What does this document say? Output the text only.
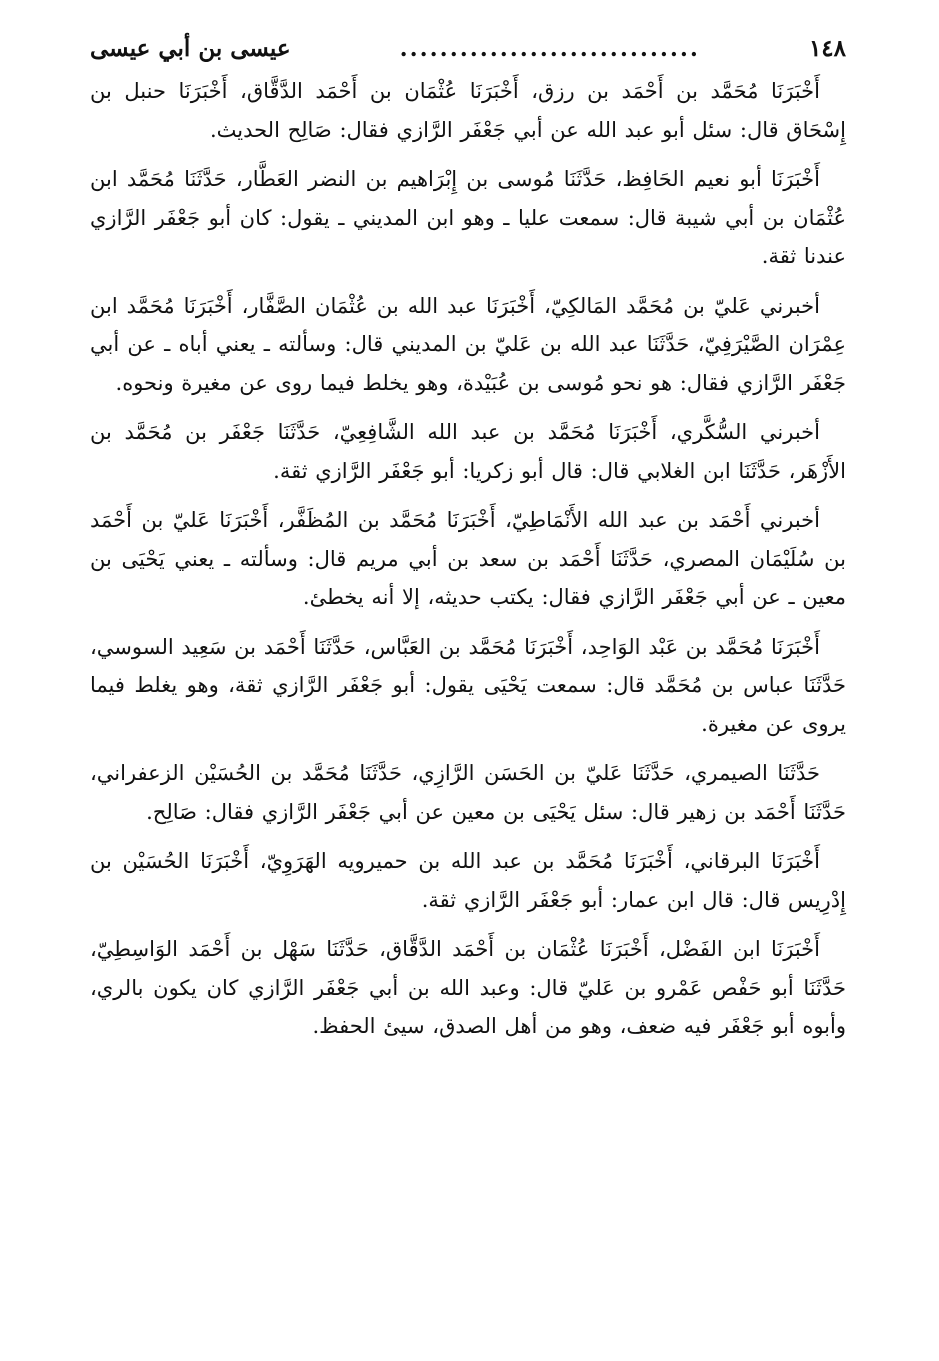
١٤٨
..............................
عيسى بن أبي عيسى

أَخْبَرَنَا مُحَمَّد بن أَحْمَد بن رزق، أَخْبَرَنَا عُثْمَان بن أَحْمَد الدَّقَّاق، أَخْبَرَنَا حنبل بن إِسْحَاق قال: سئل أبو عبد الله عن أبي جَعْفَر الرَّازي فقال: صَالِح الحديث.

أَخْبَرَنَا أبو نعيم الحَافِظ، حَدَّثَنَا مُوسى بن إِبْرَاهيم بن النضر العَطَّار، حَدَّثَنَا مُحَمَّد ابن عُثْمَان بن أبي شيبة قال: سمعت عليا ـ وهو ابن المديني ـ يقول: كان أبو جَعْفَر الرَّازي عندنا ثقة.

أخبرني عَليّ بن مُحَمَّد المَالكِيّ، أَخْبَرَنَا عبد الله بن عُثْمَان الصَّفَّار، أَخْبَرَنَا مُحَمَّد ابن عِمْرَان الصَّيْرَفِيّ، حَدَّثَنَا عبد الله بن عَليّ بن المديني قال: وسألته ـ يعني أباه ـ عن أبي جَعْفَر الرَّازي فقال: هو نحو مُوسى بن عُبَيْدة، وهو يخلط فيما روى عن مغيرة ونحوه.

أخبرني السُّكَّري، أَخْبَرَنَا مُحَمَّد بن عبد الله الشَّافِعِيّ، حَدَّثَنَا جَعْفَر بن مُحَمَّد بن الأَزْهَر، حَدَّثَنَا ابن الغلابي قال: قال أبو زكريا: أبو جَعْفَر الرَّازي ثقة.

أخبرني أَحْمَد بن عبد الله الأَنْمَاطِيّ، أَخْبَرَنَا مُحَمَّد بن المُظَفَّر، أَخْبَرَنَا عَليّ بن أَحْمَد بن سُلَيْمَان المصري، حَدَّثَنَا أَحْمَد بن سعد بن أبي مريم قال: وسألته ـ يعني يَحْيَى بن معين ـ عن أبي جَعْفَر الرَّازي فقال: يكتب حديثه، إلا أنه يخطئ.

أَخْبَرَنَا مُحَمَّد بن عَبْد الوَاحِد، أَخْبَرَنَا مُحَمَّد بن العَبَّاس، حَدَّثَنَا أَحْمَد بن سَعِيد السوسي، حَدَّثَنَا عباس بن مُحَمَّد قال: سمعت يَحْيَى يقول: أبو جَعْفَر الرَّازي ثقة، وهو يغلط فيما يروى عن مغيرة.

حَدَّثَنَا الصيمري، حَدَّثَنَا عَليّ بن الحَسَن الرَّازِي، حَدَّثَنَا مُحَمَّد بن الحُسَيْن الزعفراني، حَدَّثَنَا أَحْمَد بن زهير قال: سئل يَحْيَى بن معين عن أبي جَعْفَر الرَّازي فقال: صَالِح.

أَخْبَرَنَا البرقاني، أَخْبَرَنَا مُحَمَّد بن عبد الله بن حميرويه الهَرَوِيّ، أَخْبَرَنَا الحُسَيْن بن إِدْرِيس قال: قال ابن عمار: أبو جَعْفَر الرَّازي ثقة.

أَخْبَرَنَا ابن الفَضْل، أَخْبَرَنَا عُثْمَان بن أَحْمَد الدَّقَّاق، حَدَّثَنَا سَهْل بن أَحْمَد الوَاسِطِيّ، حَدَّثَنَا أبو حَفْص عَمْرو بن عَليّ قال: وعبد الله بن أبي جَعْفَر الرَّازي كان يكون بالري، وأبوه أبو جَعْفَر فيه ضعف، وهو من أهل الصدق، سيئ الحفظ.
